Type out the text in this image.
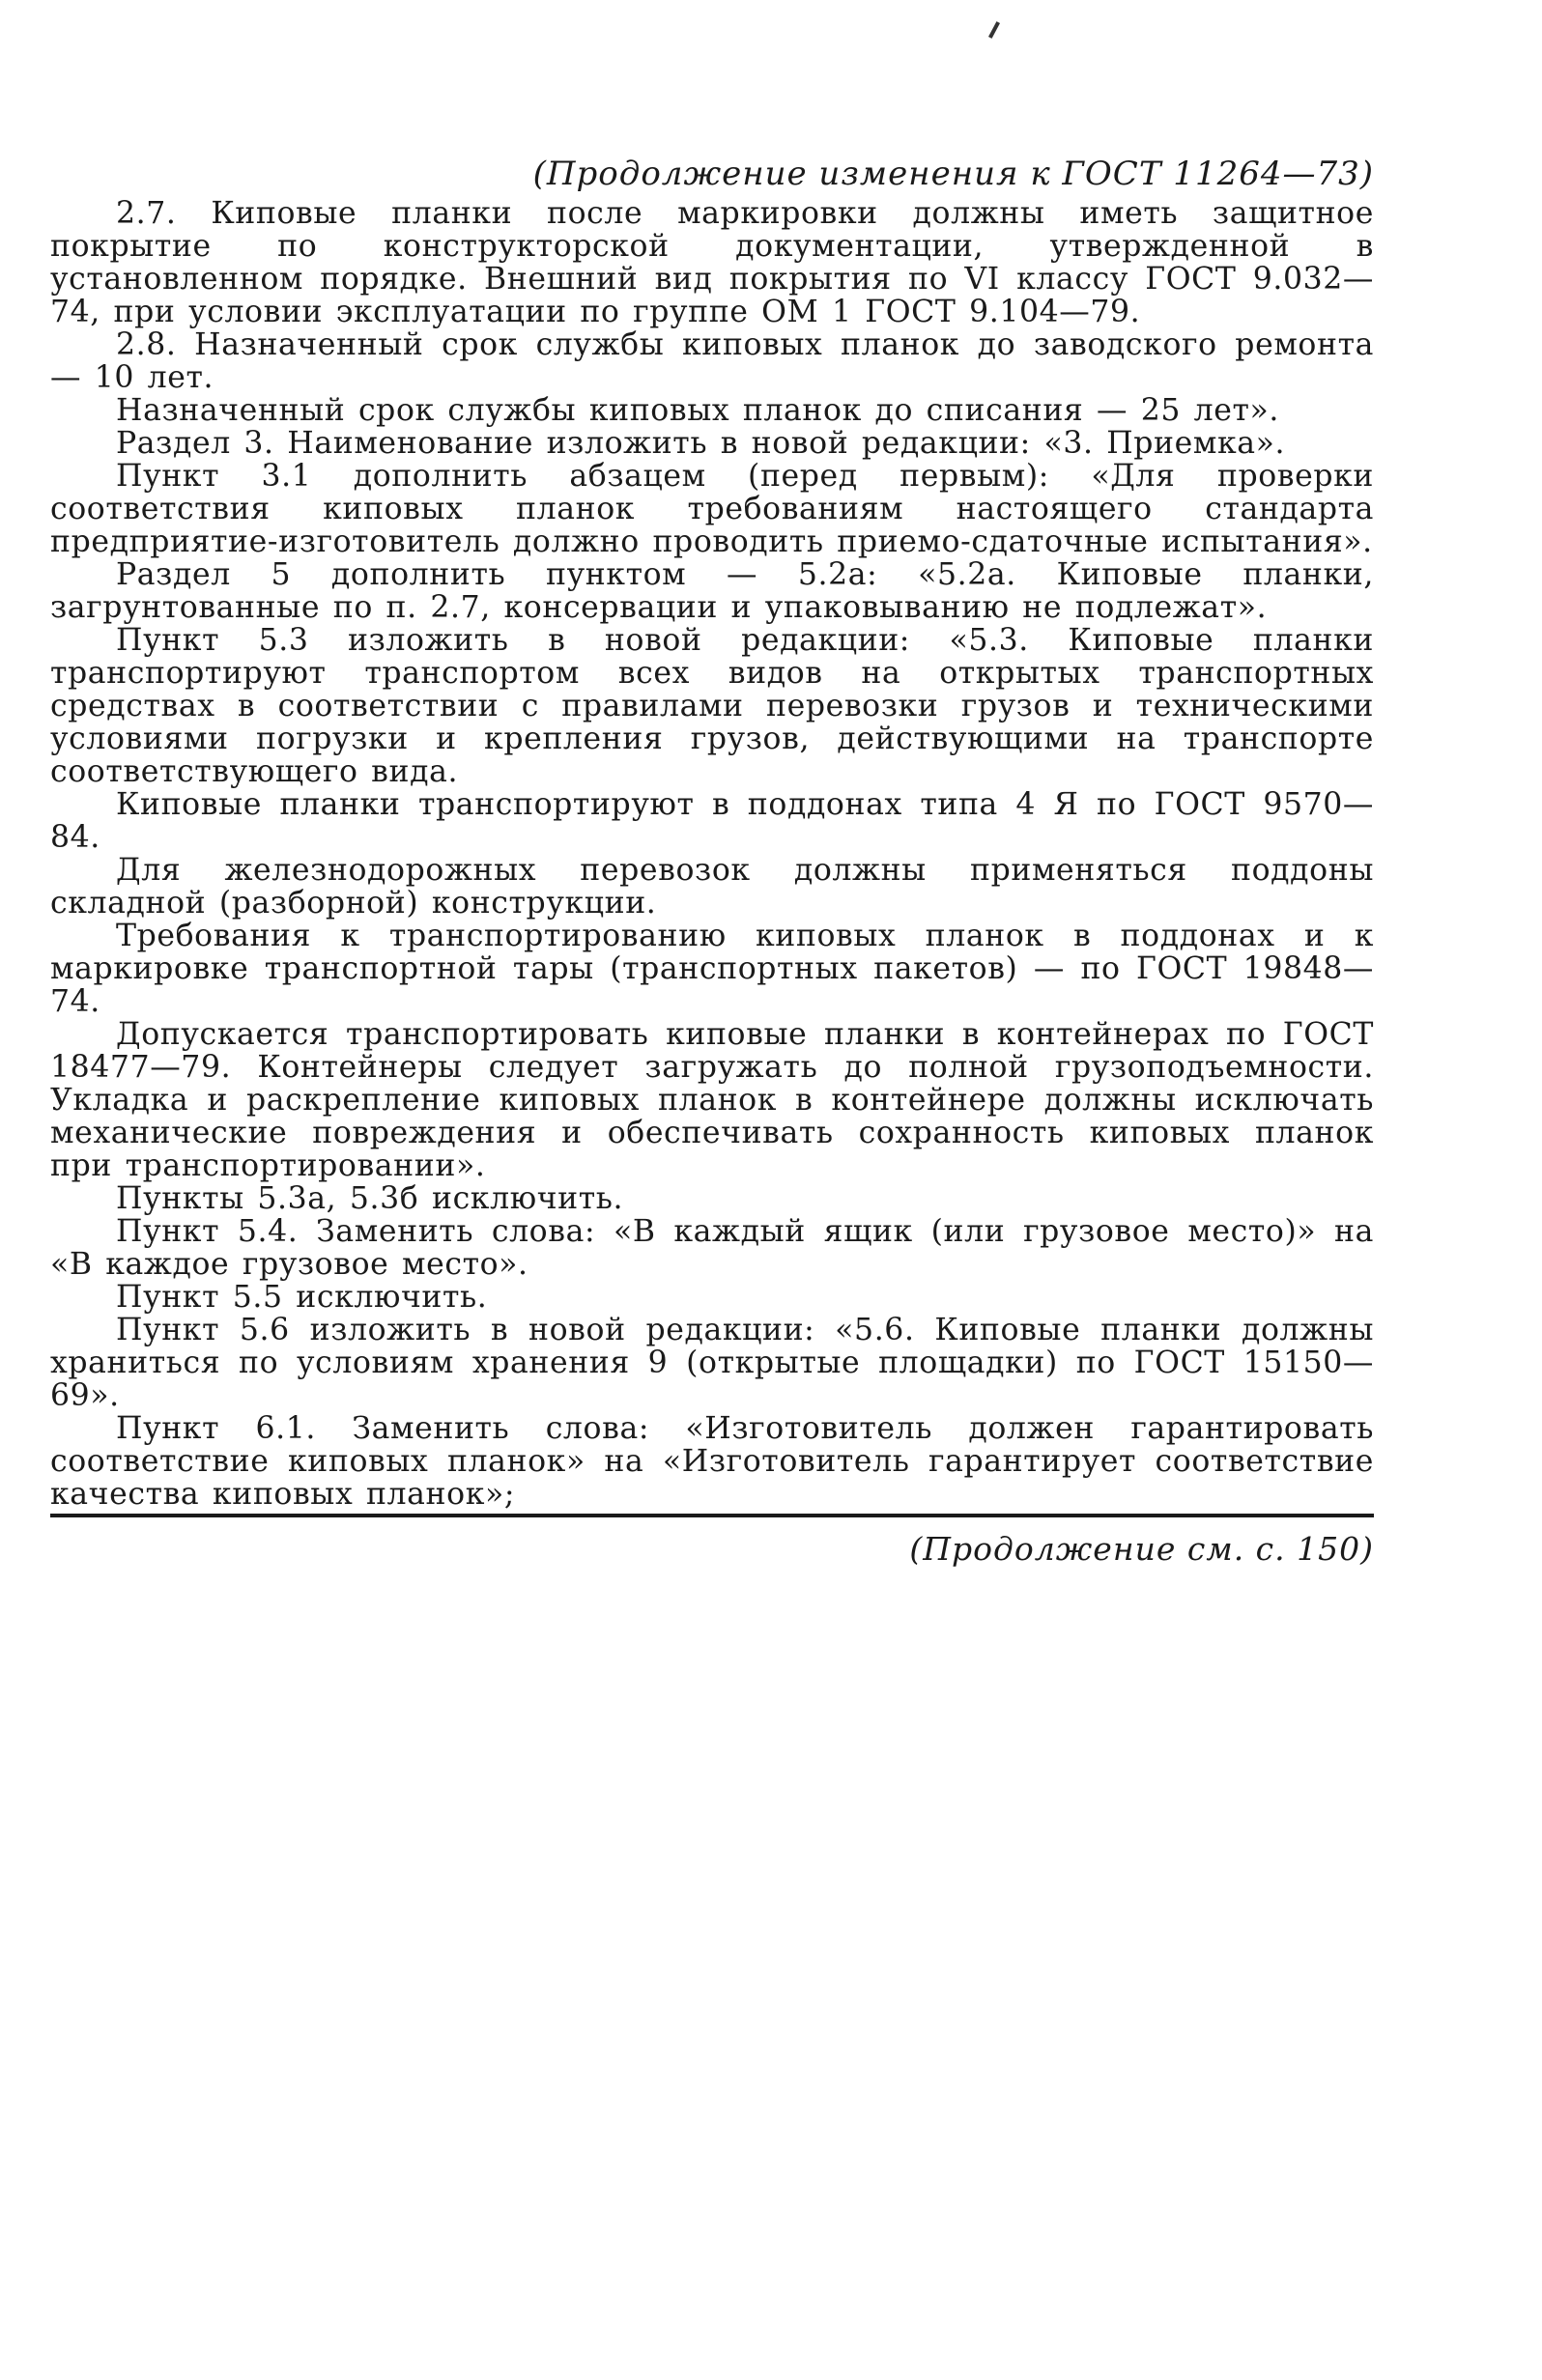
(Продолжение изменения к ГОСТ 11264—73)

2.7. Киповые планки после маркировки должны иметь защитное покрытие по конструкторской документации, утвержденной в установленном порядке. Внешний вид покрытия по VI классу ГОСТ 9.032—74, при условии эксплуатации по группе ОМ 1 ГОСТ 9.104—79.

2.8. Назначенный срок службы киповых планок до заводского ремонта — 10 лет.

Назначенный срок службы киповых планок до списания — 25 лет».

Раздел 3. Наименование изложить в новой редакции: «3. Приемка».

Пункт 3.1 дополнить абзацем (перед первым): «Для проверки соответствия киповых планок требованиям настоящего стандарта предприятие-изготовитель должно проводить приемо-сдаточные испытания».

Раздел 5 дополнить пунктом — 5.2а: «5.2а. Киповые планки, загрунтованные по п. 2.7, консервации и упаковыванию не подлежат».

Пункт 5.3 изложить в новой редакции: «5.3. Киповые планки транспортируют транспортом всех видов на открытых транспортных средствах в соответствии с правилами перевозки грузов и техническими условиями погрузки и крепления грузов, действующими на транспорте соответствующего вида.

Киповые планки транспортируют в поддонах типа 4 Я по ГОСТ 9570—84.

Для железнодорожных перевозок должны применяться поддоны складной (разборной) конструкции.

Требования к транспортированию киповых планок в поддонах и к маркировке транспортной тары (транспортных пакетов) — по ГОСТ 19848—74.

Допускается транспортировать киповые планки в контейнерах по ГОСТ 18477—79. Контейнеры следует загружать до полной грузоподъемности. Укладка и раскрепление киповых планок в контейнере должны исключать механические повреждения и обеспечивать сохранность киповых планок при транспортировании».

Пункты 5.3а, 5.3б исключить.

Пункт 5.4. Заменить слова: «В каждый ящик (или грузовое место)» на «В каждое грузовое место».

Пункт 5.5 исключить.

Пункт 5.6 изложить в новой редакции: «5.6. Киповые планки должны храниться по условиям хранения 9 (открытые площадки) по ГОСТ 15150—69».

Пункт 6.1. Заменить слова: «Изготовитель должен гарантировать соответствие киповых планок» на «Изготовитель гарантирует соответствие качества киповых планок»;

(Продолжение см. с. 150)
